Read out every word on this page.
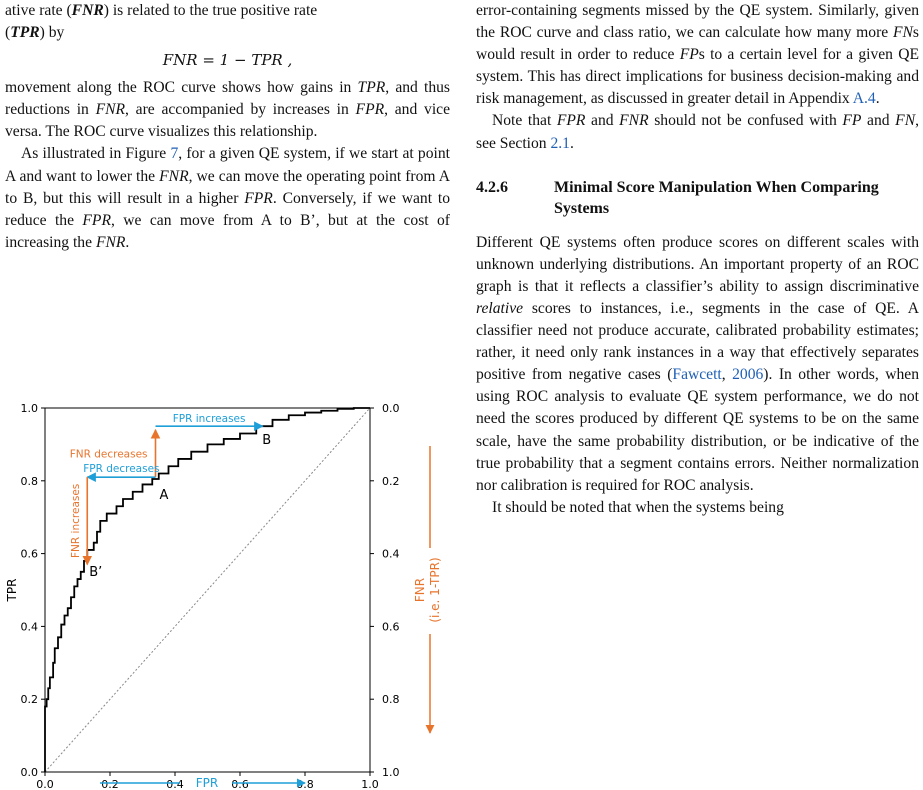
ative rate (FNR) is related to the true positive rate

(TPR) by

FNR = 1 − TPR ,

movement along the ROC curve shows how gains in TPR, and thus reductions in FNR, are accompanied by increases in FPR, and vice versa. The ROC curve visualizes this relationship.

As illustrated in Figure 7, for a given QE system, if we start at point A and want to lower the FNR, we can move the operating point from A to B, but this will result in a higher FPR. Conversely, if we want to reduce the FPR, we can move from A to B’, but at the cost of increasing the FNR.

0.0	0.2	0.4	0.6	0.8	1.0
0.0
0.2
0.4
0.6
0.8
1.0
1.0
0.8
0.6
0.4
0.2
0.0
FPR
TPR	FNR (i.e. 1-TPR)
FPR increases
FNR decreases
FPR decreases
FNR increases	A
B
B’

error-containing segments missed by the QE system. Similarly, given the ROC curve and class ratio, we can calculate how many more FNs would result in order to reduce FPs to a certain level for a given QE system. This has direct implications for business decision-making and risk management, as discussed in greater detail in Appendix A.4.

Note that FPR and FNR should not be confused with FP and FN, see Section 2.1.

4.2.6	Minimal Score Manipulation When Comparing Systems

Different QE systems often produce scores on different scales with unknown underlying distributions. An important property of an ROC graph is that it reflects a classifier’s ability to assign discriminative relative scores to instances, i.e., segments in the case of QE. A classifier need not produce accurate, calibrated probability estimates; rather, it need only rank instances in a way that effectively separates positive from negative cases (Fawcett, 2006). In other words, when using ROC analysis to evaluate QE system performance, we do not need the scores produced by different QE systems to be on the same scale, have the same probability distribution, or be indicative of the true probability that a segment contains errors. Neither normalization nor calibration is required for ROC analysis.

It should be noted that when the systems being
